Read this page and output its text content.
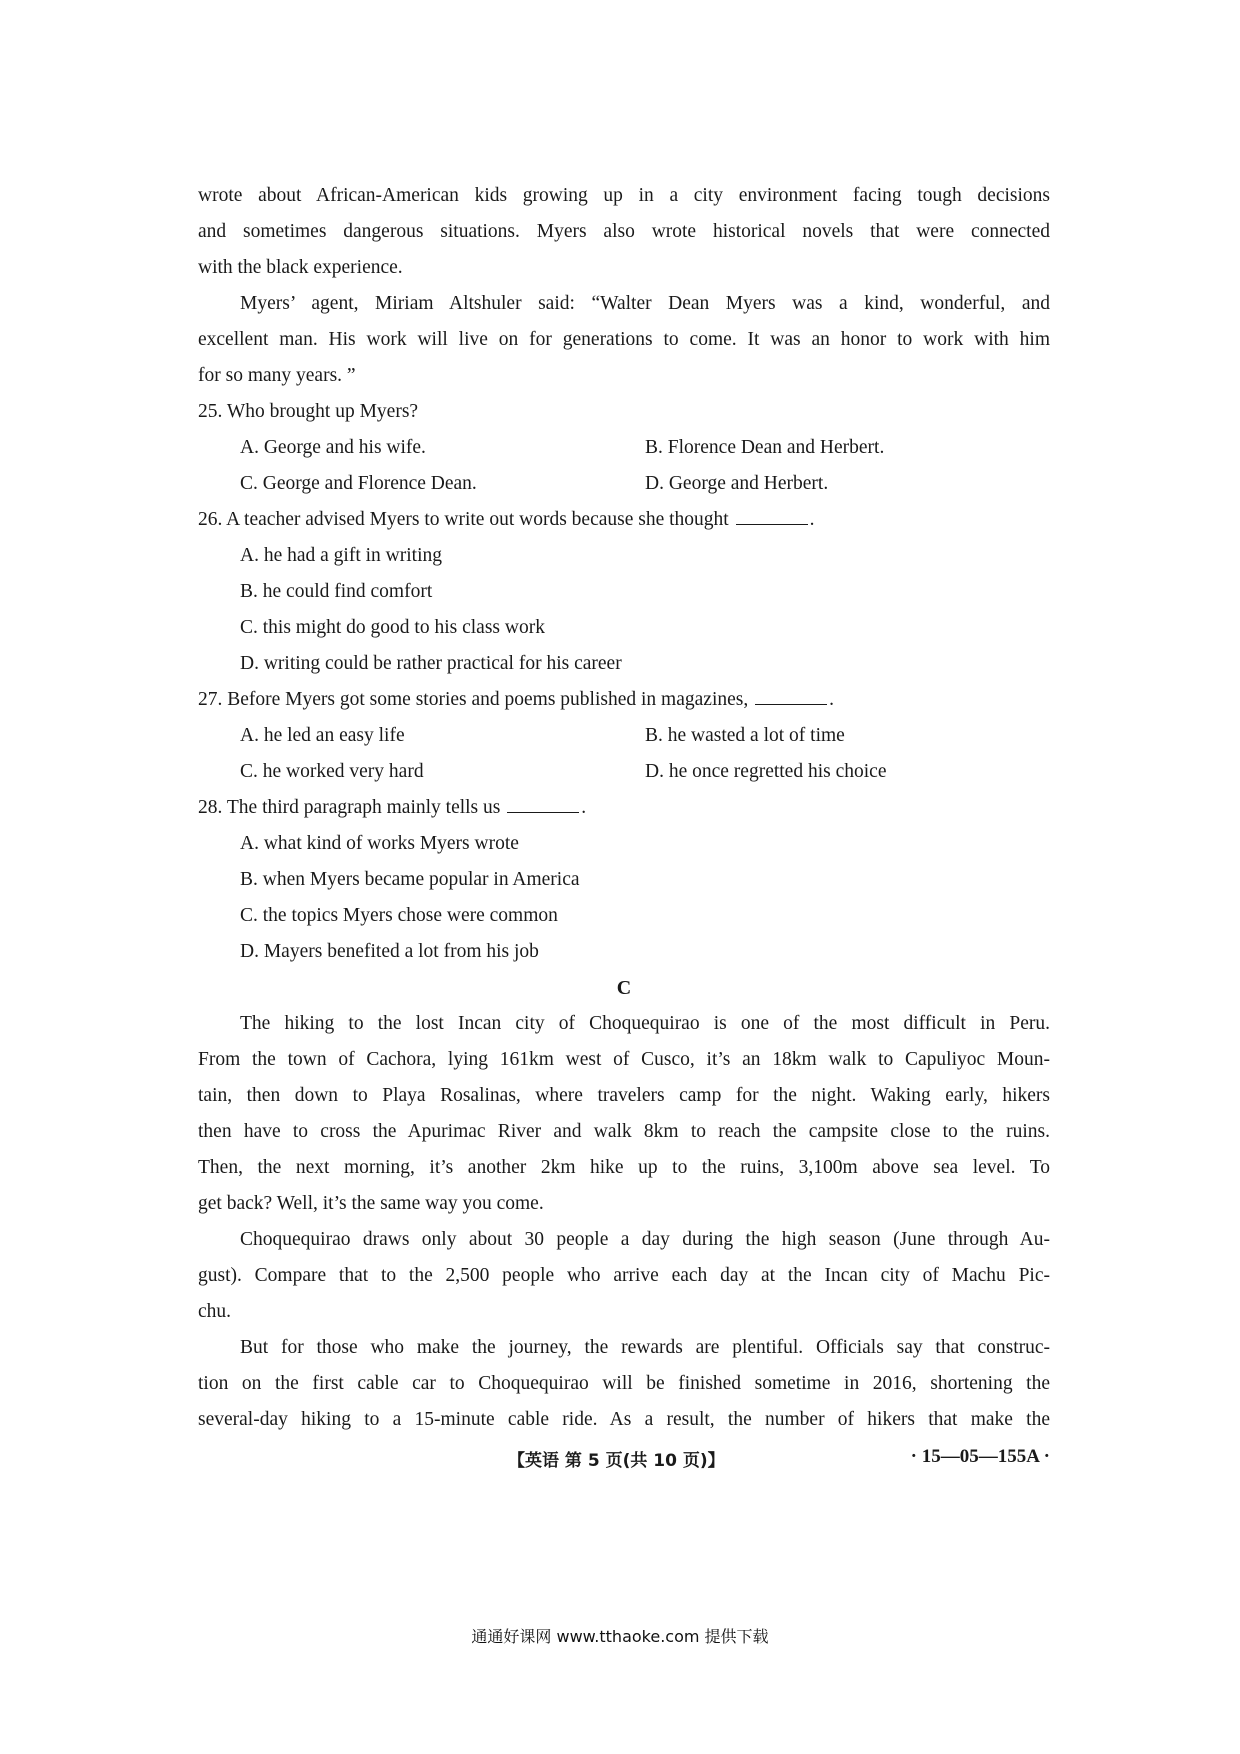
wrote about African-American kids growing up in a city environment facing tough decisions
and sometimes dangerous situations. Myers also wrote historical novels that were connected
with the black experience.
Myers’ agent, Miriam Altshuler said: “Walter Dean Myers was a kind, wonderful, and
excellent man. His work will live on for generations to come. It was an honor to work with him
for so many years. ”
25. Who brought up Myers?
A. George and his wife.	B. Florence Dean and Herbert.
C. George and Florence Dean.	D. George and Herbert.
26. A teacher advised Myers to write out words because she thought	.
A. he had a gift in writing
B. he could find comfort
C. this might do good to his class work
D. writing could be rather practical for his career
27. Before Myers got some stories and poems published in magazines,	.
A. he led an easy life	B. he wasted a lot of time
C. he worked very hard	D. he once regretted his choice
28. The third paragraph mainly tells us	.
A. what kind of works Myers wrote
B. when Myers became popular in America
C. the topics Myers chose were common
D. Mayers benefited a lot from his job
C
The hiking to the lost Incan city of Choquequirao is one of the most difficult in Peru.
From the town of Cachora, lying 161km west of Cusco, it’s an 18km walk to Capuliyoc Moun-
tain, then down to Playa Rosalinas, where travelers camp for the night. Waking early, hikers
then have to cross the Apurimac River and walk 8km to reach the campsite close to the ruins.
Then, the next morning, it’s another 2km hike up to the ruins, 3,100m above sea level. To
get back? Well, it’s the same way you come.
Choquequirao draws only about 30 people a day during the high season (June through Au-
gust). Compare that to the 2,500 people who arrive each day at the Incan city of Machu Pic-
chu.
But for those who make the journey, the rewards are plentiful. Officials say that construc-
tion on the first cable car to Choquequirao will be finished sometime in 2016, shortening the
several-day hiking to a 15-minute cable ride. As a result, the number of hikers that make the
【英语 第 5 页(共 10 页)】	· 15—05—155A ·
通通好课网 www.tthaoke.com 提供下载
